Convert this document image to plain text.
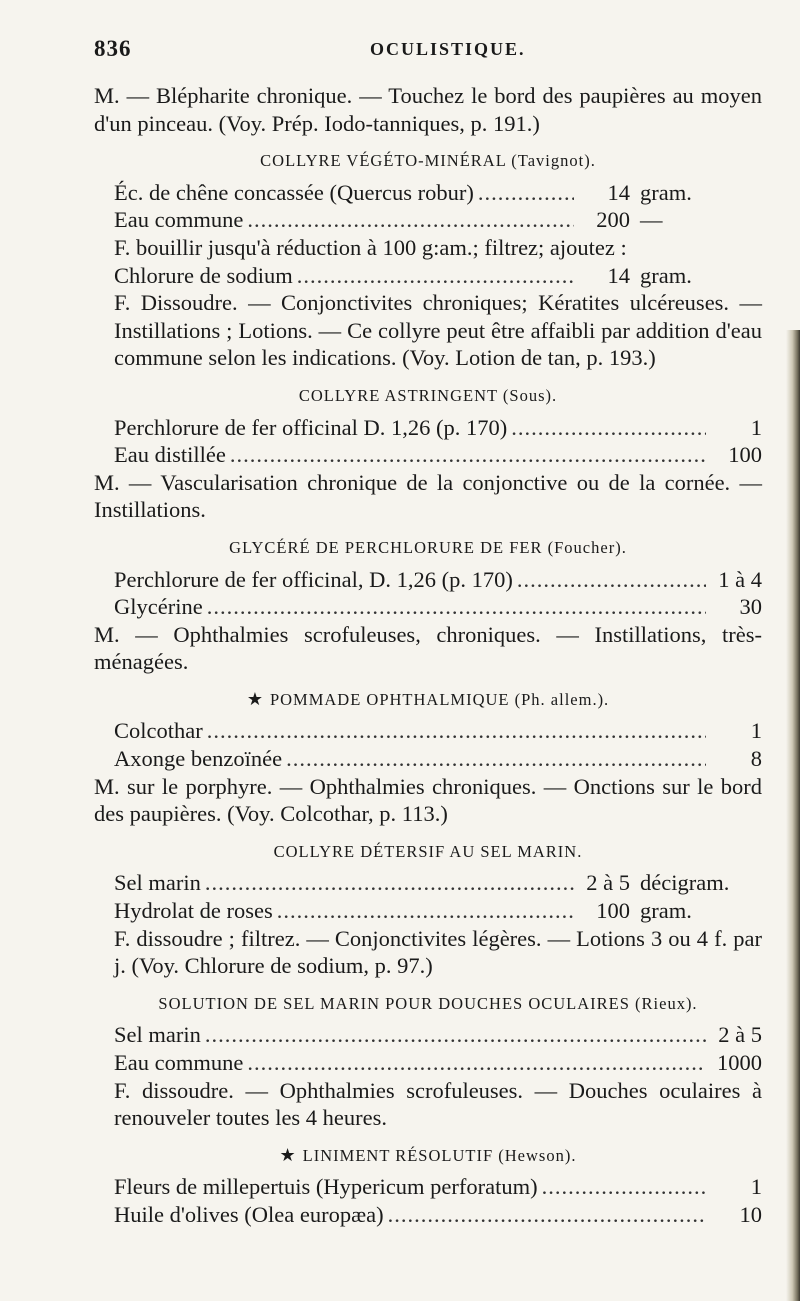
836	OCULISTIQUE.
M. — Blépharite chronique. — Touchez le bord des paupières au moyen d'un pinceau. (Voy. Prép. Iodo-tanniques, p. 191.)
COLLYRE VÉGÉTO-MINÉRAL (Tavignot).
Éc. de chêne concassée (Quercus robur) .....	14 gram.
Eau commune .....	200 —
F. bouillir jusqu'à réduction à 100 g:am.; filtrez; ajoutez :
Chlorure de sodium .....	14 gram.
F. Dissoudre. — Conjonctivites chroniques; Kératites ulcéreuses. — Instillations ; Lotions. — Ce collyre peut être affaibli par addition d'eau commune selon les indications. (Voy. Lotion de tan, p. 193.)
COLLYRE ASTRINGENT (Sous).
Perchlorure de fer officinal D. 1,26 (p. 170) .....	1
Eau distillée .....	100
M. — Vascularisation chronique de la conjonctive ou de la cornée. — Instillations.
GLYCÉRÉ DE PERCHLORURE DE FER (Foucher).
Perchlorure de fer officinal, D. 1,26 (p. 170) .....	1 à 4
Glycérine .....	30
M. — Ophthalmies scrofuleuses, chroniques. — Instillations, très-ménagées.
★ POMMADE OPHTHALMIQUE (Ph. allem.).
Colcothar .....	1
Axonge benzoïnée .....	8
M. sur le porphyre. — Ophthalmies chroniques. — Onctions sur le bord des paupières. (Voy. Colcothar, p. 113.)
COLLYRE DÉTERSIF AU SEL MARIN.
Sel marin .....	2 à 5 décigram.
Hydrolat de roses .....	100 gram.
F. dissoudre ; filtrez. — Conjonctivites légères. — Lotions 3 ou 4 f. par j. (Voy. Chlorure de sodium, p. 97.)
SOLUTION DE SEL MARIN POUR DOUCHES OCULAIRES (Rieux).
Sel marin .....	2 à 5
Eau commune .....	1000
F. dissoudre. — Ophthalmies scrofuleuses. — Douches oculaires à renouveler toutes les 4 heures.
★ LINIMENT RÉSOLUTIF (Hewson).
Fleurs de millepertuis (Hypericum perforatum) .....	1
Huile d'olives (Olea europæa) .....	10
